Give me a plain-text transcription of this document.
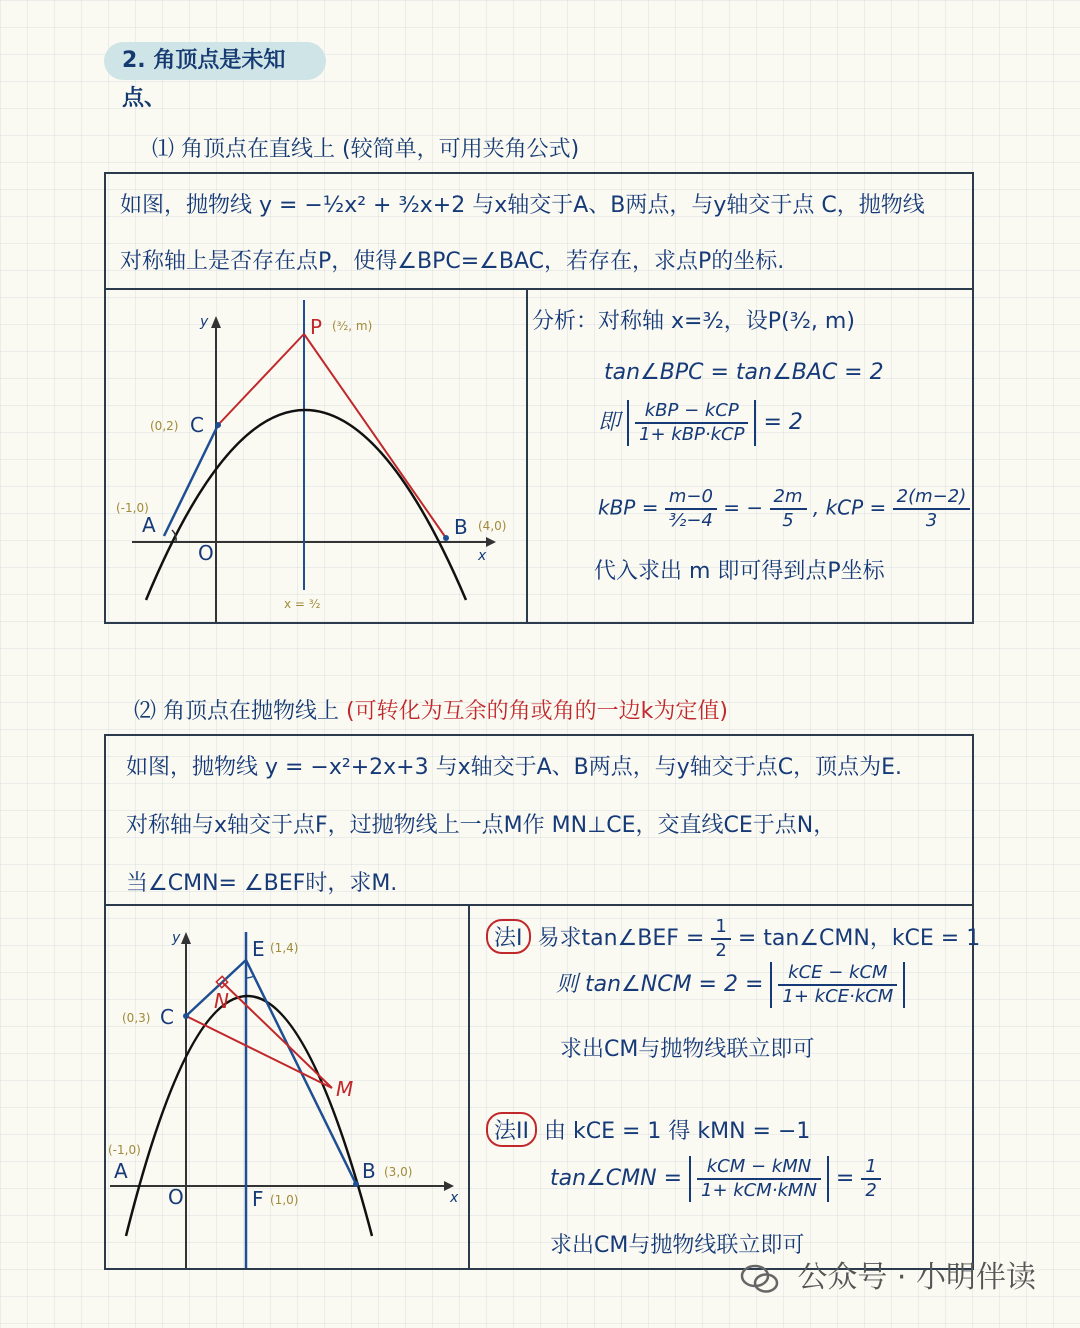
2. 角顶点是未知点、
⑴ 角顶点在直线上 (较简单，可用夹角公式)
如图，抛物线 y = −½x² + ³⁄₂x+2 与x轴交于A、B两点，与y轴交于点 C，抛物线
对称轴上是否存在点P，使得∠BPC=∠BAC，若存在，求点P的坐标.
y
x
O
A
(-1,0)
B (4,0)
C
(0,2)
P (³⁄₂, m)
x = ³⁄₂
分析：对称轴 x=³⁄₂，设P(³⁄₂, m)
tan∠BPC = tan∠BAC = 2
即 $\frac{\text{kBP − kCP}}{\text{1+ kBP·kCP}} = 2$
kBP = $\frac{m-0}{\text{³⁄₂−4}}$ = − $\frac{2m}{5}$ , kCP = $\frac{2(m-2)}{3}$
代入求出 m 即可得到点P坐标
⑵ 角顶点在抛物线上 (可转化为互余的角或角的一边k为定值)
如图，抛物线 y = −x²+2x+3 与x轴交于A、B两点，与y轴交于点C，顶点为E.
对称轴与x轴交于点F，过抛物线上一点M作 MN⊥CE，交直线CE于点N，
当∠CMN= ∠BEF时，求M.
y
x
O
A
(-1,0)
B (3,0)
C
(0,3)
E (1,4)
F (1,0)
M
N
法I 易求tan∠BEF = $\frac{1}{2}$ = tan∠CMN，kCE = 1
则 tan∠NCM = $2 = \frac{\text{kCE − kCM}}{\text{1+ kCE·kCM}}$
求出CM与抛物线联立即可
法II 由 kCE = 1 得 kMN = −1
tan∠CMN = $\frac{\text{kCM − kMN}}{\text{1+ kCM·kMN}} = \frac{1}{2}$
求出CM与抛物线联立即可
公众号 · 小明伴读
